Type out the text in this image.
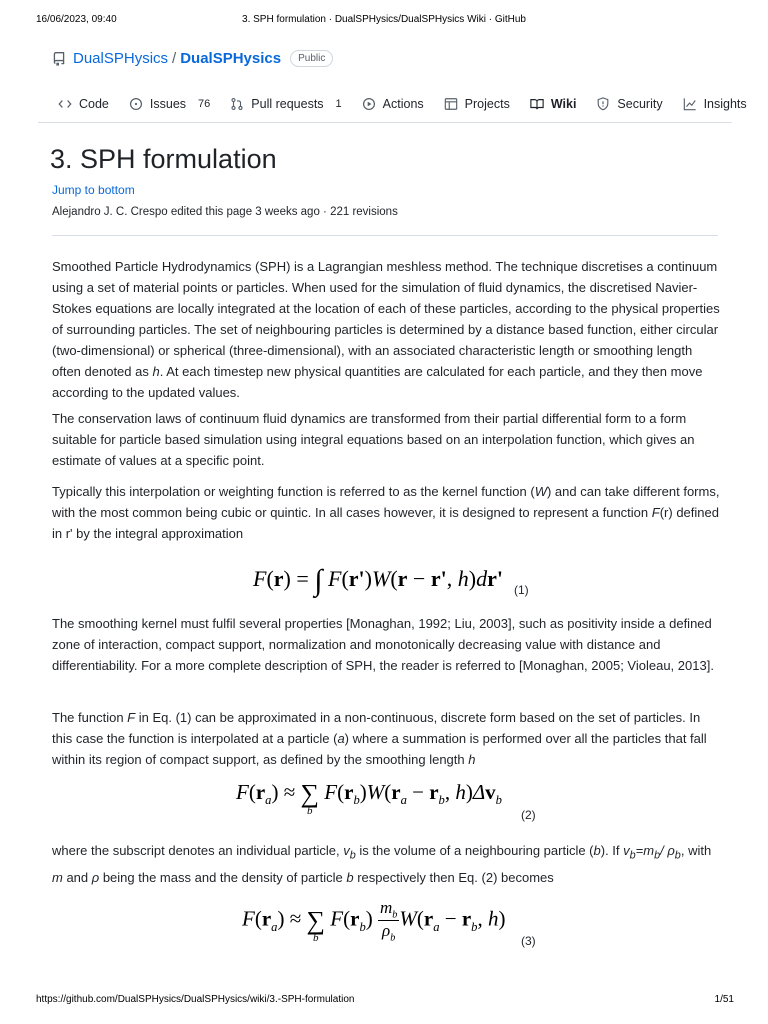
16/06/2023, 09:40	3. SPH formulation · DualSPHysics/DualSPHysics Wiki · GitHub
DualSPHysics / DualSPHysics	Public
Code	Issues 76	Pull requests 1	Actions	Projects	Wiki	Security	Insights
3. SPH formulation
Jump to bottom
Alejandro J. C. Crespo edited this page 3 weeks ago · 221 revisions

Smoothed Particle Hydrodynamics (SPH) is a Lagrangian meshless method. The technique discretises a continuum using a set of material points or particles. When used for the simulation of fluid dynamics, the discretised Navier-Stokes equations are locally integrated at the location of each of these particles, according to the physical properties of surrounding particles. The set of neighbouring particles is determined by a distance based function, either circular (two-dimensional) or spherical (three-dimensional), with an associated characteristic length or smoothing length often denoted as h. At each timestep new physical quantities are calculated for each particle, and they then move according to the updated values.

The conservation laws of continuum fluid dynamics are transformed from their partial differential form to a form suitable for particle based simulation using integral equations based on an interpolation function, which gives an estimate of values at a specific point.

Typically this interpolation or weighting function is referred to as the kernel function (W) and can take different forms, with the most common being cubic or quintic. In all cases however, it is designed to represent a function F(r) defined in r' by the integral approximation

F(r) = ∫ F(r')W(r − r', h)dr' (1)

The smoothing kernel must fulfil several properties [Monaghan, 1992; Liu, 2003], such as positivity inside a defined zone of interaction, compact support, normalization and monotonically decreasing value with distance and differentiability. For a more complete description of SPH, the reader is referred to [Monaghan, 2005; Violeau, 2013].

The function F in Eq. (1) can be approximated in a non-continuous, discrete form based on the set of particles. In this case the function is interpolated at a particle (a) where a summation is performed over all the particles that fall within its region of compact support, as defined by the smoothing length h

$F(r_a)$ ≈ ∑
b
$F(r_b)W(r_a - r_b$, $h)\Delta v_b$
(2)

where the subscript denotes an individual particle, $v_b$ is the volume of a neighbouring particle (b). If $v_b=m_b/$ $\rho_b$, with m and ρ being the mass and the density of particle b respectively then Eq. (2) becomes

$F(r_a)$ ≈ ∑
b
$F(r_b) \frac{m_b}{\rho_b} W(r_a - r_b$, h)
(3)
https://github.com/DualSPHysics/DualSPHysics/wiki/3.-SPH-formulation	1/51
